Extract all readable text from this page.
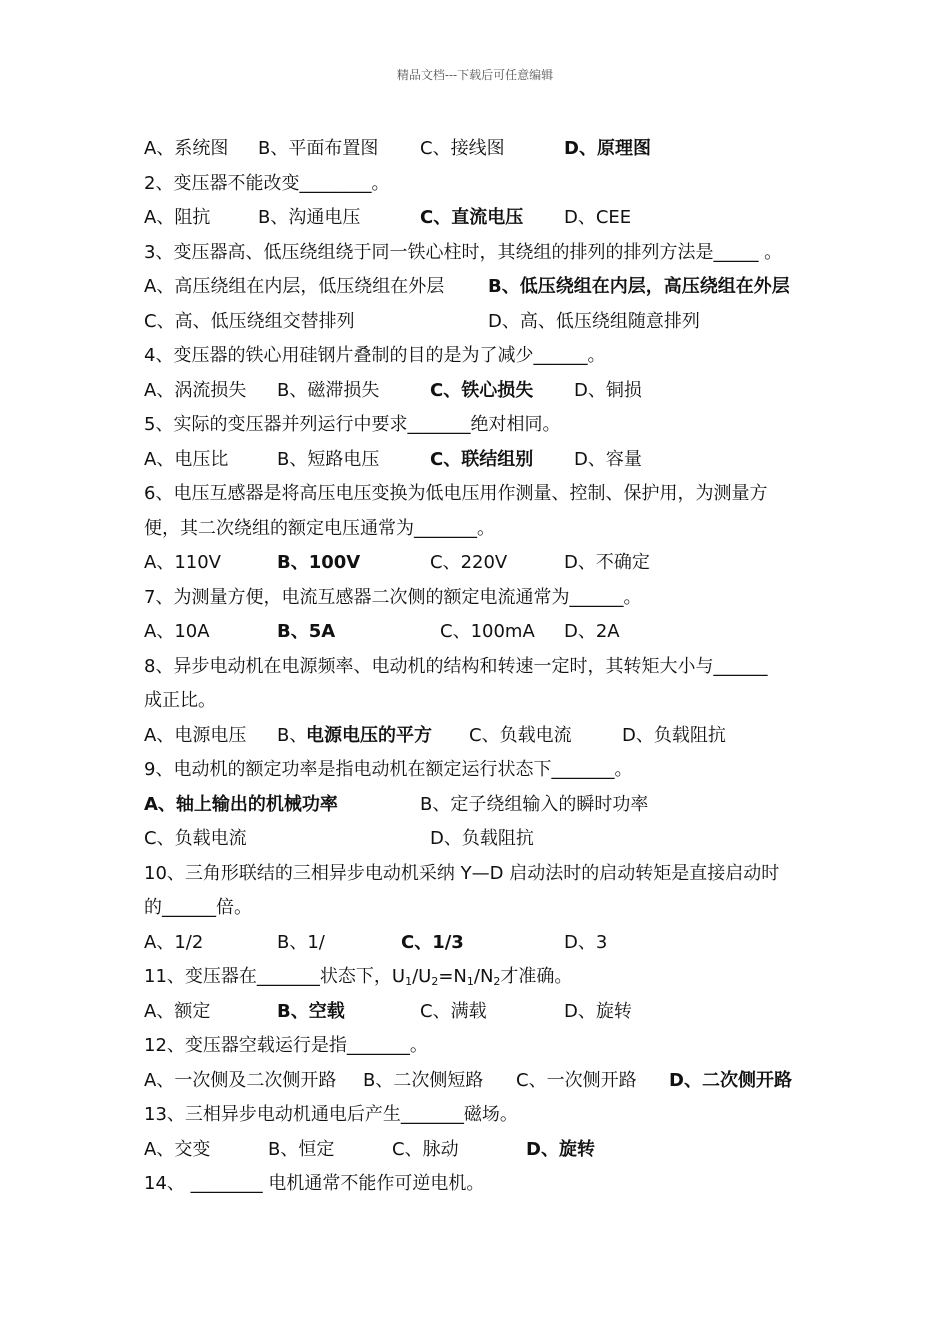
精品文档---下载后可任意编辑
A、系统图 B、平面布置图 C、接线图	D、原理图
2、变压器不能改变________。
A、阻抗	B、沟通电压	C、直流电压 D、CEE
3、变压器高、低压绕组绕于同一铁心柱时，其绕组的排列的排列方法是_____ 。
A、高压绕组在内层，低压绕组在外层 B、低压绕组在内层，高压绕组在外层
C、高、低压绕组交替排列	D、高、低压绕组随意排列
4、变压器的铁心用硅钢片叠制的目的是为了减少______。
A、涡流损失 B、磁滞损失	C、铁心损失 D、铜损
5、实际的变压器并列运行中要求_______绝对相同。
A、电压比	B、短路电压	C、联结组别 D、容量
6、电压互感器是将高压电压变换为低电压用作测量、控制、保护用，为测量方
便，其二次绕组的额定电压通常为_______。
A、110V	B、100V	C、220V	D、不确定
7、为测量方便，电流互感器二次侧的额定电流通常为______。
A、10A	B、5A	C、100mA D、2A
8、异步电动机在电源频率、电动机的结构和转速一定时，其转矩大小与______
成正比。
A、电源电压 B、
电源电压的平方 C、负载电流	D、负载阻抗
9、电动机的额定功率是指电动机在额定运行状态下_______。
A、轴上输出的机械功率	B、定子绕组输入的瞬时功率
C、负载电流	D、负载阻抗
10、三角形联结的三相异步电动机采纳 Y—D 启动法时的启动转矩是直接启动时
的______倍。
A、1/2	B、1/	C、1/3	D、3
11、变压器在_______状态下，$U_1/U_2=N_1/N_2$才准确。
A、额定	B、空载	C、满载	D、旋转
12、变压器空载运行是指_______。
A、一次侧及二次侧开路 B、二次侧短路 C、一次侧开路 D、二次侧开路
13、三相异步电动机通电后产生_______磁场。
A、交变	B、恒定	C、脉动	D、旋转
14、 ________ 电机通常不能作可逆电机。
